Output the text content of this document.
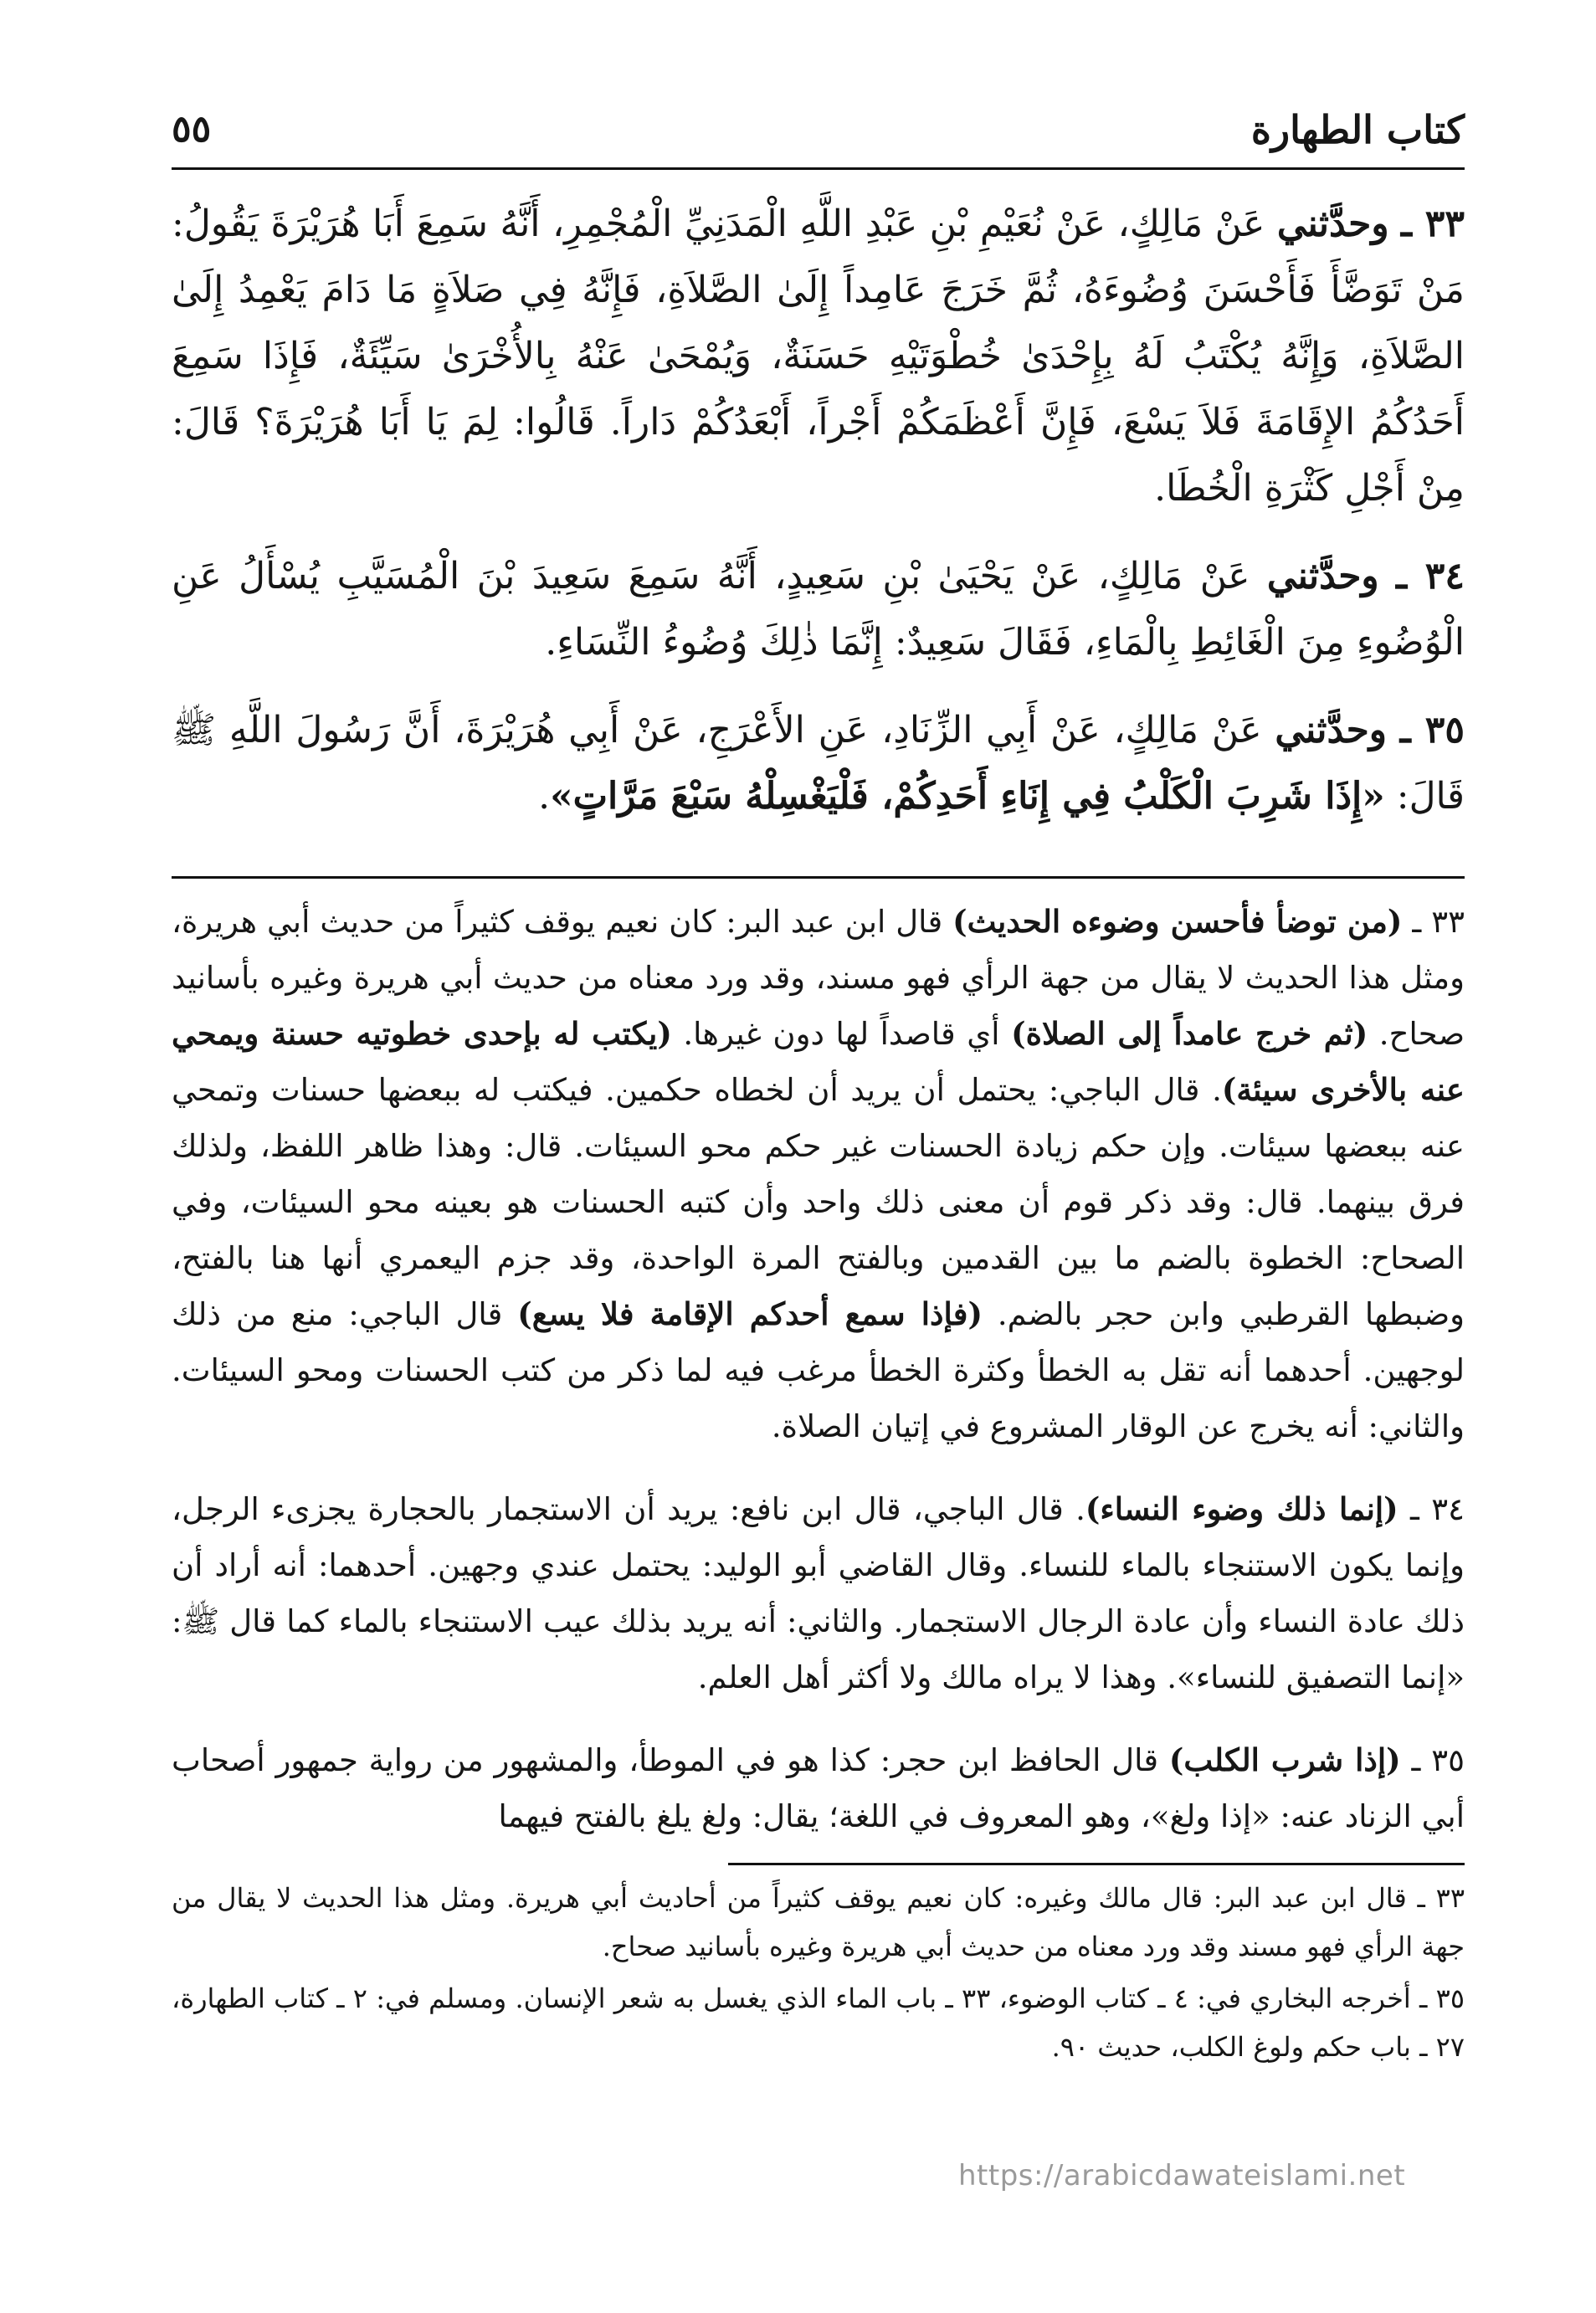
كتاب الطهارة
٥٥

٣٣ ـ وحدَّثني عَنْ مَالِكٍ، عَنْ نُعَيْمِ بْنِ عَبْدِ اللَّهِ الْمَدَنِيِّ الْمُجْمِرِ، أَنَّهُ سَمِعَ أَبَا هُرَيْرَةَ يَقُولُ: مَنْ تَوَضَّأَ فَأَحْسَنَ وُضُوءَهُ، ثُمَّ خَرَجَ عَامِداً إِلَىٰ الصَّلاَةِ، فَإِنَّهُ فِي صَلاَةٍ مَا دَامَ يَعْمِدُ إِلَىٰ الصَّلاَةِ، وَإِنَّهُ يُكْتَبُ لَهُ بِإِحْدَىٰ خُطْوَتَيْهِ حَسَنَةٌ، وَيُمْحَىٰ عَنْهُ بِالأُخْرَىٰ سَيِّئَةٌ، فَإِذَا سَمِعَ أَحَدُكُمُ الإِقَامَةَ فَلاَ يَسْعَ، فَإِنَّ أَعْظَمَكُمْ أَجْراً، أَبْعَدُكُمْ دَاراً. قَالُوا: لِمَ يَا أَبَا هُرَيْرَةَ؟ قَالَ: مِنْ أَجْلِ كَثْرَةِ الْخُطَا.

٣٤ ـ وحدَّثني عَنْ مَالِكٍ، عَنْ يَحْيَىٰ بْنِ سَعِيدٍ، أَنَّهُ سَمِعَ سَعِيدَ بْنَ الْمُسَيَّبِ يُسْأَلُ عَنِ الْوُضُوءِ مِنَ الْغَائِطِ بِالْمَاءِ، فَقَالَ سَعِيدٌ: إِنَّمَا ذٰلِكَ وُضُوءُ النِّسَاءِ.

٣٥ ـ وحدَّثني عَنْ مَالِكٍ، عَنْ أَبِي الزِّنَادِ، عَنِ الأَعْرَجِ، عَنْ أَبِي هُرَيْرَةَ، أَنَّ رَسُولَ اللَّهِ ﷺ قَالَ: «إِذَا شَرِبَ الْكَلْبُ فِي إِنَاءِ أَحَدِكُمْ، فَلْيَغْسِلْهُ سَبْعَ مَرَّاتٍ».

٣٣ ـ (من توضأ فأحسن وضوءه الحديث) قال ابن عبد البر: كان نعيم يوقف كثيراً من حديث أبي هريرة، ومثل هذا الحديث لا يقال من جهة الرأي فهو مسند، وقد ورد معناه من حديث أبي هريرة وغيره بأسانيد صحاح. (ثم خرج عامداً إلى الصلاة) أي قاصداً لها دون غيرها. (يكتب له بإحدى خطوتيه حسنة ويمحي عنه بالأخرى سيئة). قال الباجي: يحتمل أن يريد أن لخطاه حكمين. فيكتب له ببعضها حسنات وتمحي عنه ببعضها سيئات. وإن حكم زيادة الحسنات غير حكم محو السيئات. قال: وهذا ظاهر اللفظ، ولذلك فرق بينهما. قال: وقد ذكر قوم أن معنى ذلك واحد وأن كتبه الحسنات هو بعينه محو السيئات، وفي الصحاح: الخطوة بالضم ما بين القدمين وبالفتح المرة الواحدة، وقد جزم اليعمري أنها هنا بالفتح، وضبطها القرطبي وابن حجر بالضم. (فإذا سمع أحدكم الإقامة فلا يسع) قال الباجي: منع من ذلك لوجهين. أحدهما أنه تقل به الخطأ وكثرة الخطأ مرغب فيه لما ذكر من كتب الحسنات ومحو السيئات. والثاني: أنه يخرج عن الوقار المشروع في إتيان الصلاة.

٣٤ ـ (إنما ذلك وضوء النساء). قال الباجي، قال ابن نافع: يريد أن الاستجمار بالحجارة يجزىء الرجل، وإنما يكون الاستنجاء بالماء للنساء. وقال القاضي أبو الوليد: يحتمل عندي وجهين. أحدهما: أنه أراد أن ذلك عادة النساء وأن عادة الرجال الاستجمار. والثاني: أنه يريد بذلك عيب الاستنجاء بالماء كما قال ﷺ: «إنما التصفيق للنساء». وهذا لا يراه مالك ولا أكثر أهل العلم.

٣٥ ـ (إذا شرب الكلب) قال الحافظ ابن حجر: كذا هو في الموطأ، والمشهور من رواية جمهور أصحاب أبي الزناد عنه: «إذا ولغ»، وهو المعروف في اللغة؛ يقال: ولغ يلغ بالفتح فيهما

٣٣ ـ قال ابن عبد البر: قال مالك وغيره: كان نعيم يوقف كثيراً من أحاديث أبي هريرة. ومثل هذا الحديث لا يقال من جهة الرأي فهو مسند وقد ورد معناه من حديث أبي هريرة وغيره بأسانيد صحاح.

٣٥ ـ أخرجه البخاري في: ٤ ـ كتاب الوضوء، ٣٣ ـ باب الماء الذي يغسل به شعر الإنسان. ومسلم في: ٢ ـ كتاب الطهارة، ٢٧ ـ باب حكم ولوغ الكلب، حديث ٩٠.

https://arabicdawateislami.net
